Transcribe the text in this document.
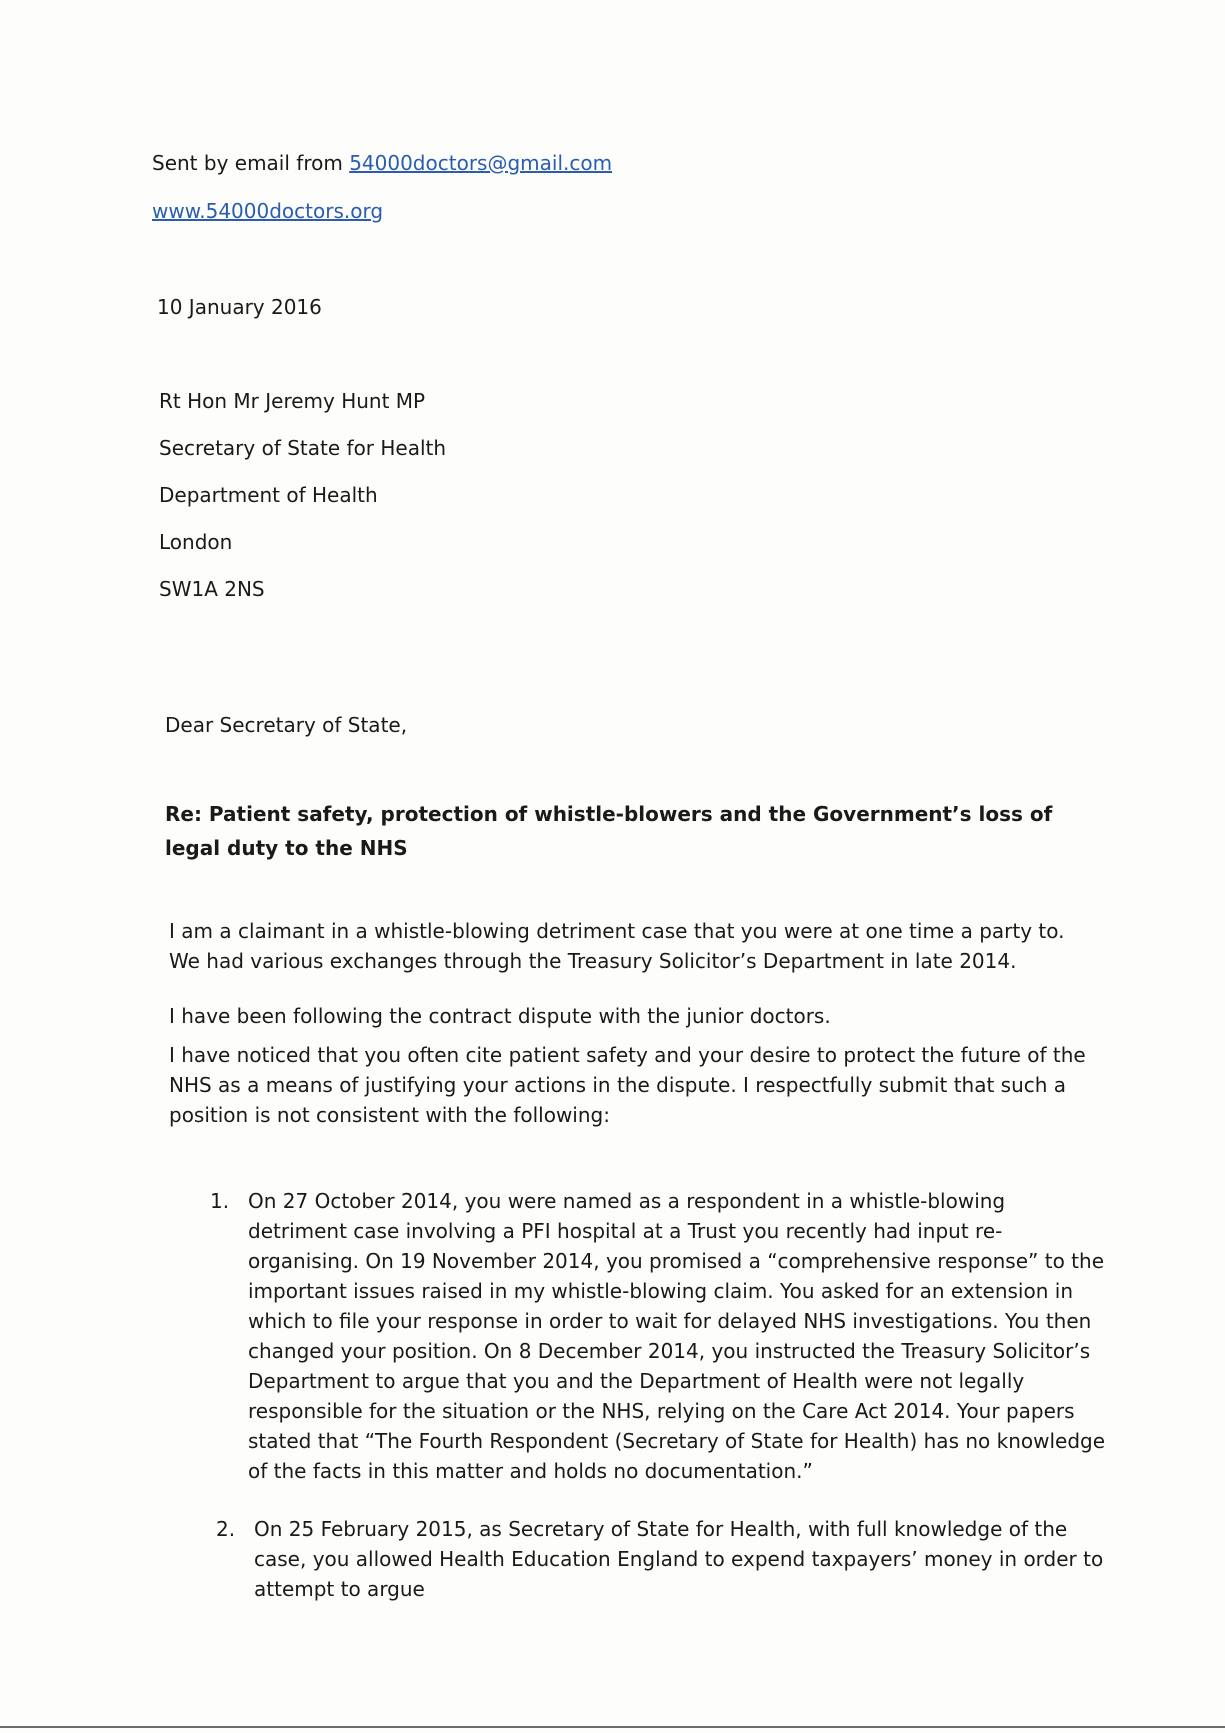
Sent by email from 54000doctors@gmail.com
www.54000doctors.org
10 January 2016
Rt Hon Mr Jeremy Hunt MP
Secretary of State for Health
Department of Health
London
SW1A 2NS
Dear Secretary of State,
Re: Patient safety, protection of whistle-blowers and the Government’s loss of legal duty to the NHS
I am a claimant in a whistle-blowing detriment case that you were at one time a party to. We had various exchanges through the Treasury Solicitor’s Department in late 2014.
I have been following the contract dispute with the junior doctors.
I have noticed that you often cite patient safety and your desire to protect the future of the NHS as a means of justifying your actions in the dispute. I respectfully submit that such a position is not consistent with the following:
1. On 27 October 2014, you were named as a respondent in a whistle-blowing detriment case involving a PFI hospital at a Trust you recently had input re-organising. On 19 November 2014, you promised a “comprehensive response” to the important issues raised in my whistle-blowing claim. You asked for an extension in which to file your response in order to wait for delayed NHS investigations. You then changed your position. On 8 December 2014, you instructed the Treasury Solicitor’s Department to argue that you and the Department of Health were not legally responsible for the situation or the NHS, relying on the Care Act 2014. Your papers stated that “The Fourth Respondent (Secretary of State for Health) has no knowledge of the facts in this matter and holds no documentation.”
2. On 25 February 2015, as Secretary of State for Health, with full knowledge of the case, you allowed Health Education England to expend taxpayers’ money in order to attempt to argue
